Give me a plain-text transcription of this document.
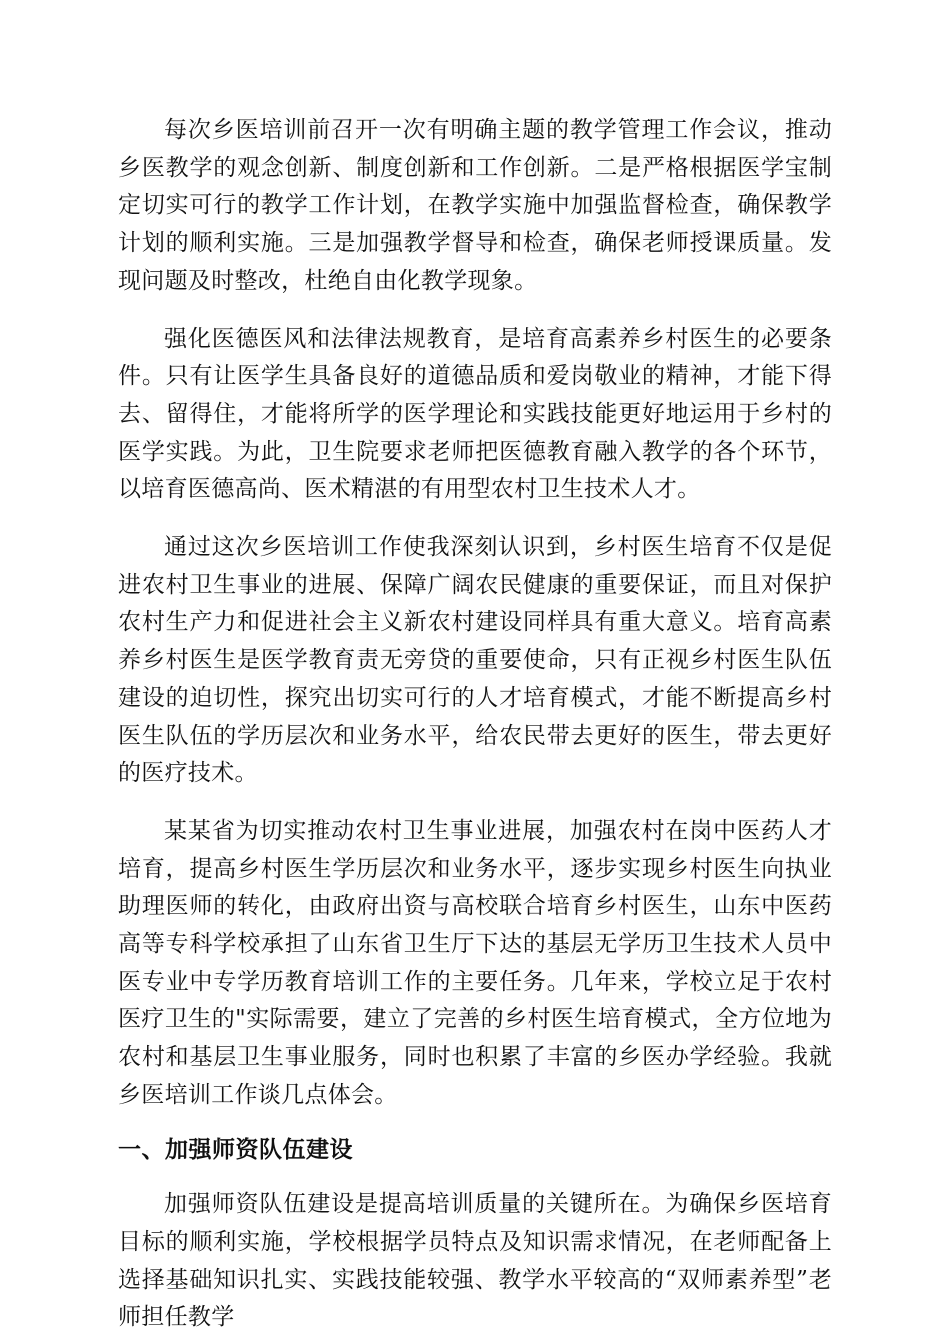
每次乡医培训前召开一次有明确主题的教学管理工作会议，推动乡医教学的观念创新、制度创新和工作创新。二是严格根据医学宝制定切实可行的教学工作计划，在教学实施中加强监督检查，确保教学计划的顺利实施。三是加强教学督导和检查，确保老师授课质量。发现问题及时整改，杜绝自由化教学现象。

强化医德医风和法律法规教育，是培育高素养乡村医生的必要条件。只有让医学生具备良好的道德品质和爱岗敬业的精神，才能下得去、留得住，才能将所学的医学理论和实践技能更好地运用于乡村的医学实践。为此，卫生院要求老师把医德教育融入教学的各个环节，以培育医德高尚、医术精湛的有用型农村卫生技术人才。

通过这次乡医培训工作使我深刻认识到，乡村医生培育不仅是促进农村卫生事业的进展、保障广阔农民健康的重要保证，而且对保护农村生产力和促进社会主义新农村建设同样具有重大意义。培育高素养乡村医生是医学教育责无旁贷的重要使命，只有正视乡村医生队伍建设的迫切性，探究出切实可行的人才培育模式，才能不断提高乡村医生队伍的学历层次和业务水平，给农民带去更好的医生，带去更好的医疗技术。

某某省为切实推动农村卫生事业进展，加强农村在岗中医药人才培育，提高乡村医生学历层次和业务水平，逐步实现乡村医生向执业助理医师的转化，由政府出资与高校联合培育乡村医生，山东中医药高等专科学校承担了山东省卫生厅下达的基层无学历卫生技术人员中医专业中专学历教育培训工作的主要任务。几年来，学校立足于农村医疗卫生的"实际需要，建立了完善的乡村医生培育模式，全方位地为农村和基层卫生事业服务，同时也积累了丰富的乡医办学经验。我就乡医培训工作谈几点体会。

一、加强师资队伍建设

加强师资队伍建设是提高培训质量的关键所在。为确保乡医培育目标的顺利实施，学校根据学员特点及知识需求情况，在老师配备上选择基础知识扎实、实践技能较强、教学水平较高的“双师素养型”老师担任教学
